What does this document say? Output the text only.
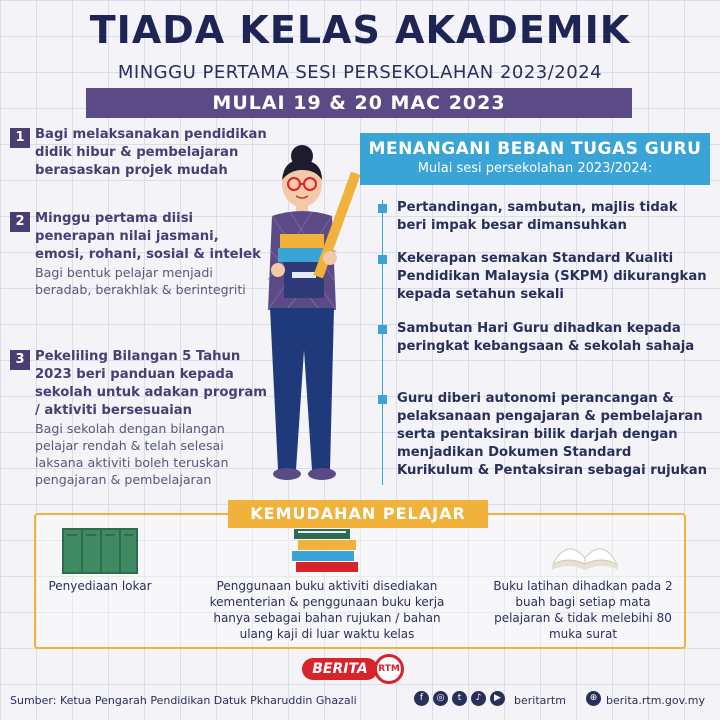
TIADA KELAS AKADEMIK
MINGGU PERTAMA SESI PERSEKOLAHAN 2023/2024
MULAI 19 & 20 MAC 2023
1 Bagi melaksanakan pendidikan didik hibur & pembelajaran berasaskan projek mudah
2 Minggu pertama diisi penerapan nilai jasmani, emosi, rohani, sosial & intelek
Bagi bentuk pelajar menjadi beradab, berakhlak & berintegriti
3 Pekeliling Bilangan 5 Tahun 2023 beri panduan kepada sekolah untuk adakan program / aktiviti bersesuaian
Bagi sekolah dengan bilangan pelajar rendah & telah selesai laksana aktiviti boleh teruskan pengajaran & pembelajaran
MENANGANI BEBAN TUGAS GURU
Mulai sesi persekolahan 2023/2024:
Pertandingan, sambutan, majlis tidak beri impak besar dimansuhkan
Kekerapan semakan Standard Kualiti Pendidikan Malaysia (SKPM) dikurangkan kepada setahun sekali
Sambutan Hari Guru dihadkan kepada peringkat kebangsaan & sekolah sahaja
Guru diberi autonomi perancangan & pelaksanaan pengajaran & pembelajaran serta pentaksiran bilik darjah dengan menjadikan Dokumen Standard Kurikulum & Pentaksiran sebagai rujukan
KEMUDAHAN PELAJAR
Penyediaan lokar	Penggunaan buku aktiviti disediakan kementerian & penggunaan buku kerja hanya sebagai bahan rujukan / bahan ulang kaji di luar waktu kelas
Buku latihan dihadkan pada 2 buah bagi setiap mata pelajaran & tidak melebihi 80 muka surat
BERITA	RTM
Sumber: Ketua Pengarah Pendidikan Datuk Pkharuddin Ghazali	f	◎	t	♪	▶	beritartm	⊕ berita.rtm.gov.my
